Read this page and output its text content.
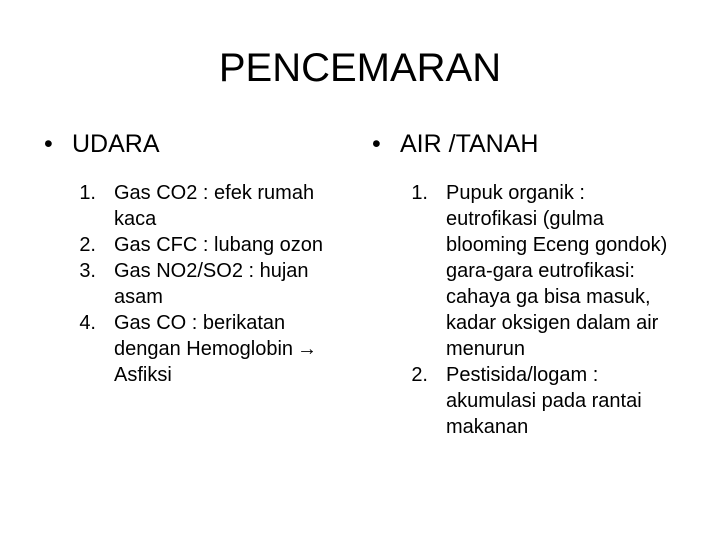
PENCEMARAN
• UDARA
1. Gas CO2 : efek rumah kaca
2. Gas CFC : lubang ozon
3. Gas NO2/SO2 : hujan asam
4. Gas CO : berikatan dengan Hemoglobin →
Asfiksi
• AIR /TANAH
1. Pupuk organik : eutrofikasi (gulma blooming Eceng gondok) gara-gara eutrofikasi: cahaya ga bisa masuk, kadar oksigen dalam air menurun
2. Pestisida/logam : akumulasi pada rantai makanan
